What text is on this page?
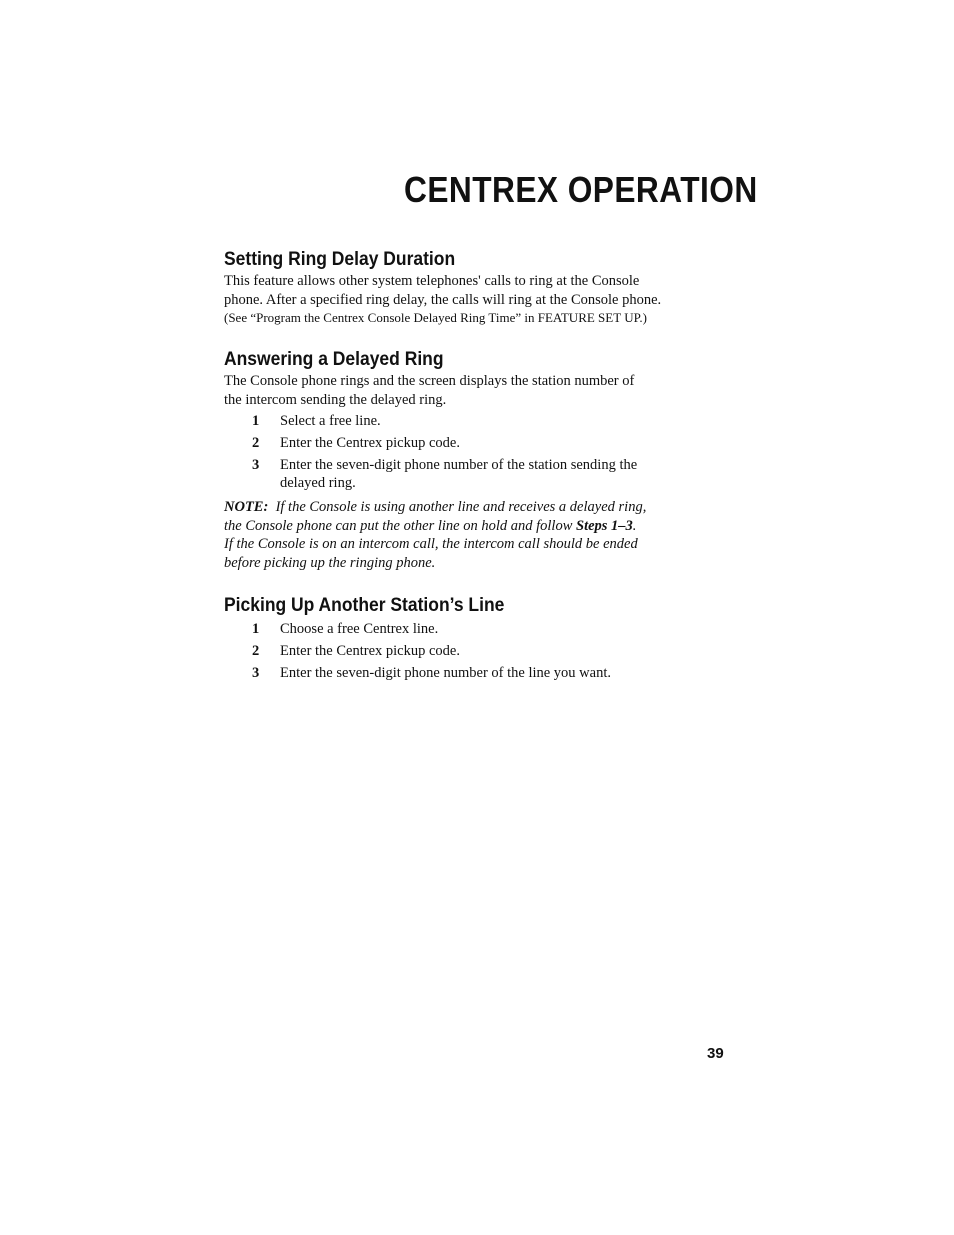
CENTREX OPERATION
Setting Ring Delay Duration

This feature allows other system telephones' calls to ring at the Console
phone. After a specified ring delay, the calls will ring at the Console phone.
(See “Program the Centrex Console Delayed Ring Time” in FEATURE SET UP.)

Answering a Delayed Ring

The Console phone rings and the screen displays the station number of
the intercom sending the delayed ring.

1 Select a free line.
2 Enter the Centrex pickup code.
3 Enter the seven-digit phone number of the station sending the
delayed ring.

NOTE: If the Console is using another line and receives a delayed ring,
the Console phone can put the other line on hold and follow Steps 1–3.
If the Console is on an intercom call, the intercom call should be ended
before picking up the ringing phone.

Picking Up Another Station’s Line
1 Choose a free Centrex line.
2 Enter the Centrex pickup code.
3 Enter the seven-digit phone number of the line you want.
39
